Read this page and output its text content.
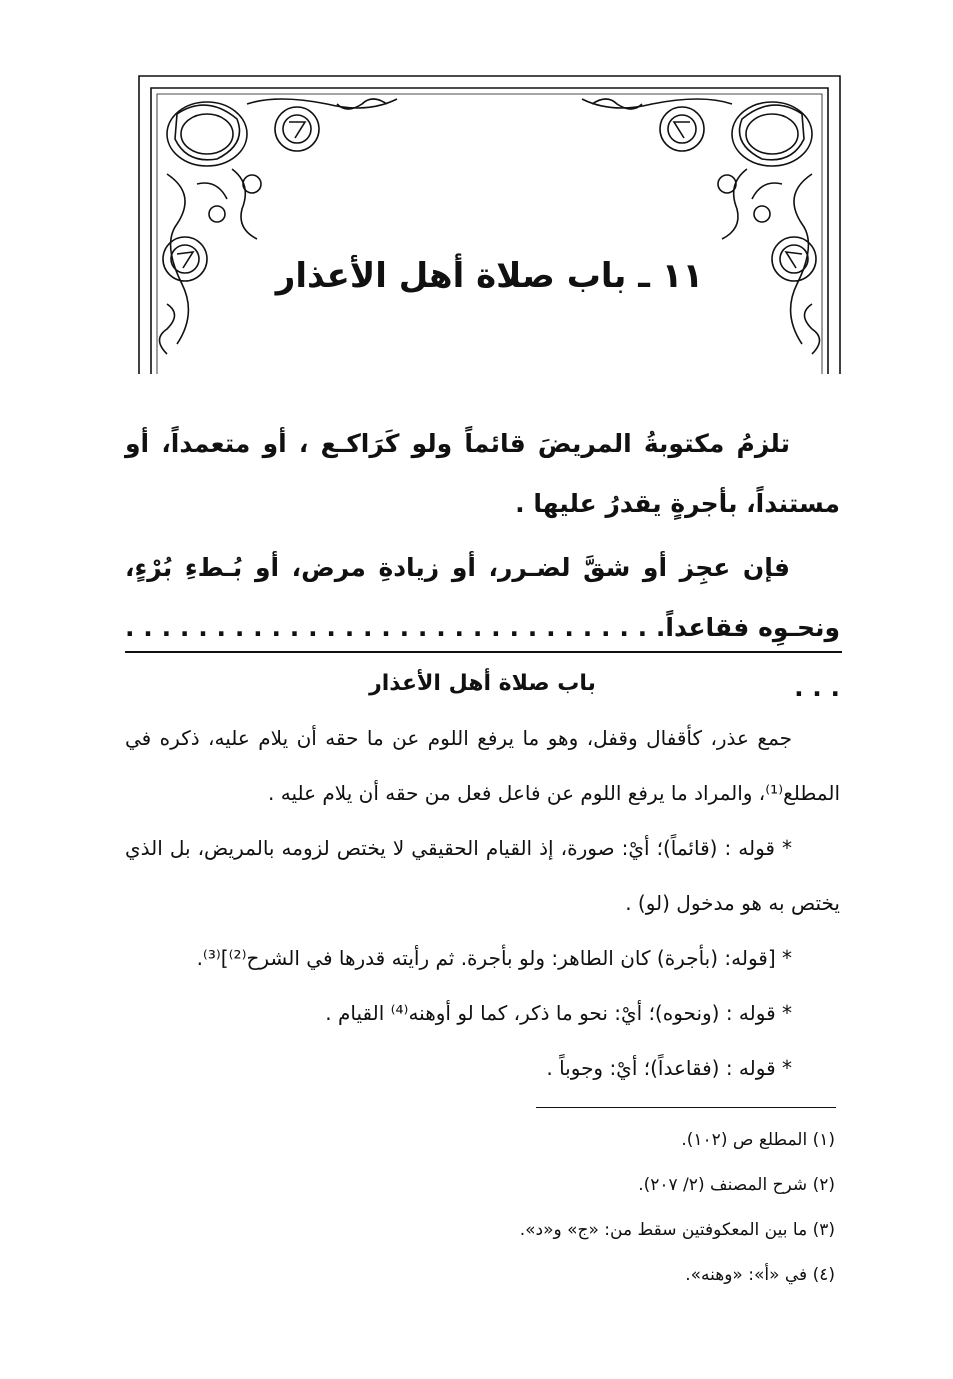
١١ ـ باب صلاة أهل الأعذار

تلزمُ مكتوبةُ المريضَ قائماً ولو كَرَاكـع ، أو متعمداً، أو مستنداً، بأجرةٍ يقدرُ عليها .

فإن عجِز أو شقَّ لضـرر، أو زيادةِ مرض، أو بُـطءِ بُرْءٍ، ونحـوِه فقاعداً. . . . . . . . . . . . . . . . . . . . . . . . . . . . . . . . .

باب صلاة أهل الأعذار

جمع عذر، كأقفال وقفل، وهو ما يرفع اللوم عن ما حقه أن يلام عليه، ذكره في المطلع⁽¹⁾، والمراد ما يرفع اللوم عن فاعل فعل من حقه أن يلام عليه .

* قوله : (قائماً)؛ أيْ: صورة، إذ القيام الحقيقي لا يختص لزومه بالمريض، بل الذي يختص به هو مدخول (لو) .

* [قوله: (بأجرة) كان الطاهر: ولو بأجرة. ثم رأيته قدرها في الشرح⁽²⁾]⁽³⁾.

* قوله : (ونحوه)؛ أيْ: نحو ما ذكر، كما لو أوهنه⁽⁴⁾ القيام .

* قوله : (فقاعداً)؛ أيْ: وجوباً .

(١) المطلع ص (١٠٢).
(٢) شرح المصنف (٢/ ٢٠٧).
(٣) ما بين المعكوفتين سقط من: «ج» و«د».
(٤) في «أ»: «وهنه».
